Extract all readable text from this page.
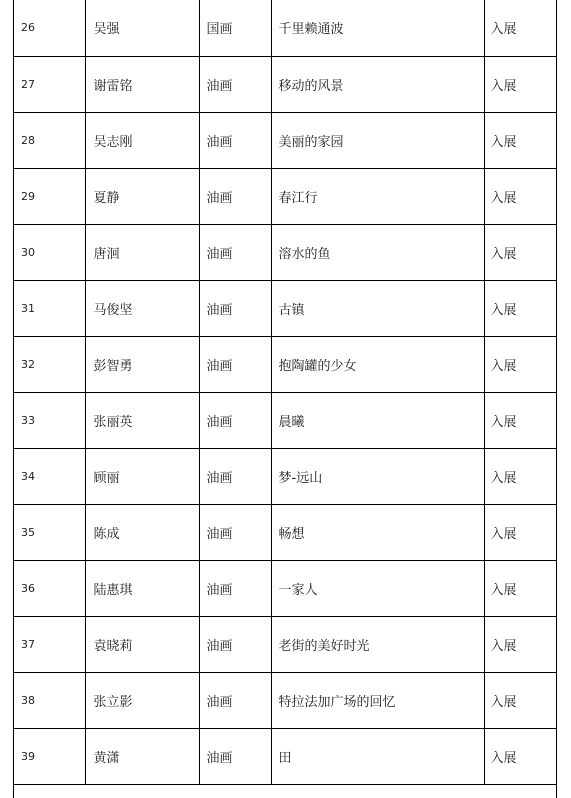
26	吴强	国画	千里赖通波	入展
27	谢雷铭	油画	移动的风景	入展
28	吴志刚	油画	美丽的家园	入展
29	夏静	油画	春江行	入展
30	唐洄	油画	溶水的鱼	入展
31	马俊坚	油画	古镇	入展
32	彭智勇	油画	抱陶罐的少女	入展
33	张丽英	油画	晨曦	入展
34	顾丽	油画	梦-远山	入展
35	陈成	油画	畅想	入展
36	陆惠琪	油画	一家人	入展
37	袁晓莉	油画	老街的美好时光	入展
38	张立影	油画	特拉法加广场的回忆	入展
39	黄潇	油画	田	入展
